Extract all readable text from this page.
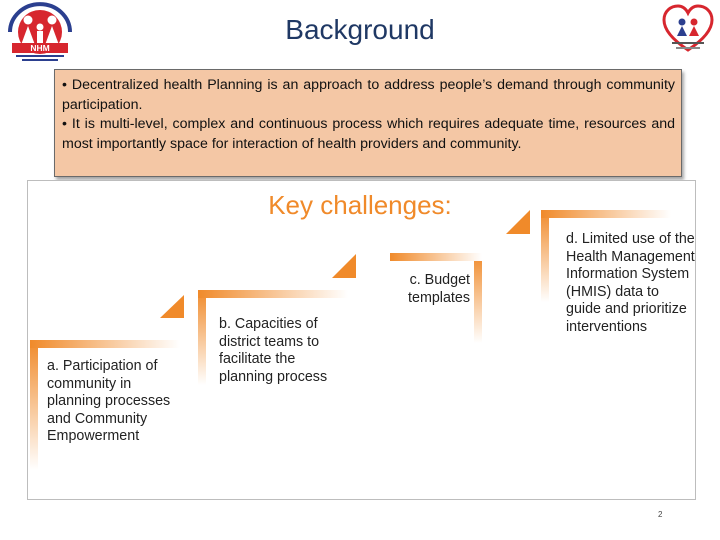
NHM
Background

• Decentralized health Planning is an approach to address people’s demand through community participation.

• It is multi-level, complex and continuous process which requires adequate time, resources and most importantly space for interaction of health providers and community.

Key challenges:
a. Participation of community in planning processes and Community Empowerment
b. Capacities of district teams to facilitate the planning process
c. Budget templates
d. Limited use of the Health Management Information System (HMIS) data to guide and prioritize interventions
2
